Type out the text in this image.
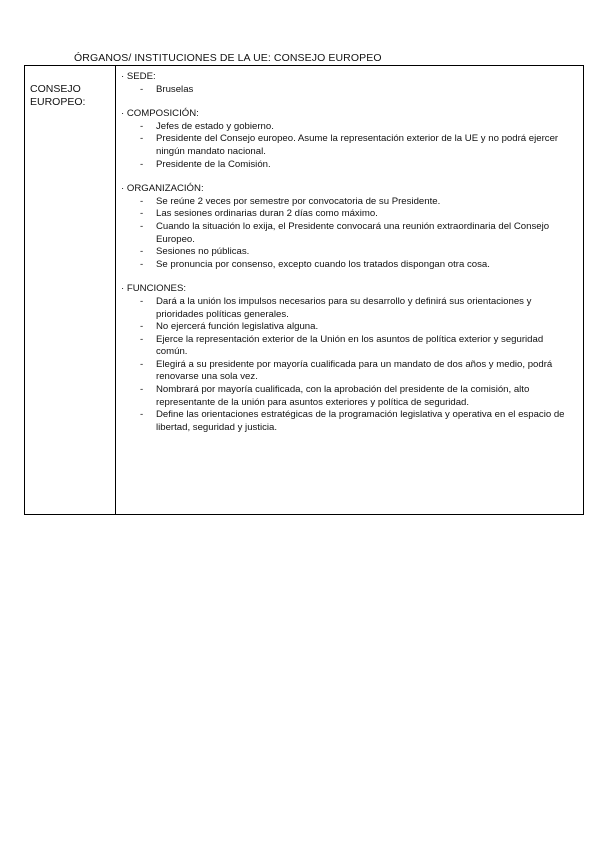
ÓRGANOS/ INSTITUCIONES DE LA UE: CONSEJO EUROPEO
CONSEJO EUROPEO:
· SEDE:
- Bruselas
· COMPOSICIÓN:
- Jefes de estado y gobierno.
- Presidente del Consejo europeo. Asume la representación exterior de la UE y no podrá ejercer ningún mandato nacional.
- Presidente de la Comisión.
· ORGANIZACIÓN:
- Se reúne 2 veces por semestre por convocatoria de su Presidente.
- Las sesiones ordinarias duran 2 días como máximo.
- Cuando la situación lo exija, el Presidente convocará una reunión extraordinaria del Consejo Europeo.
- Sesiones no públicas.
- Se pronuncia por consenso, excepto cuando los tratados dispongan otra cosa.
· FUNCIONES:
- Dará a la unión los impulsos necesarios para su desarrollo y definirá sus orientaciones y prioridades políticas generales.
- No ejercerá función legislativa alguna.
- Ejerce la representación exterior de la Unión en los asuntos de política exterior y seguridad común.
- Elegirá a su presidente por mayoría cualificada para un mandato de dos años y medio, podrá renovarse una sola vez.
- Nombrará por mayoría cualificada, con la aprobación del presidente de la comisión, alto representante de la unión para asuntos exteriores y política de seguridad.
- Define las orientaciones estratégicas de la programación legislativa y operativa en el espacio de libertad, seguridad y justicia.
